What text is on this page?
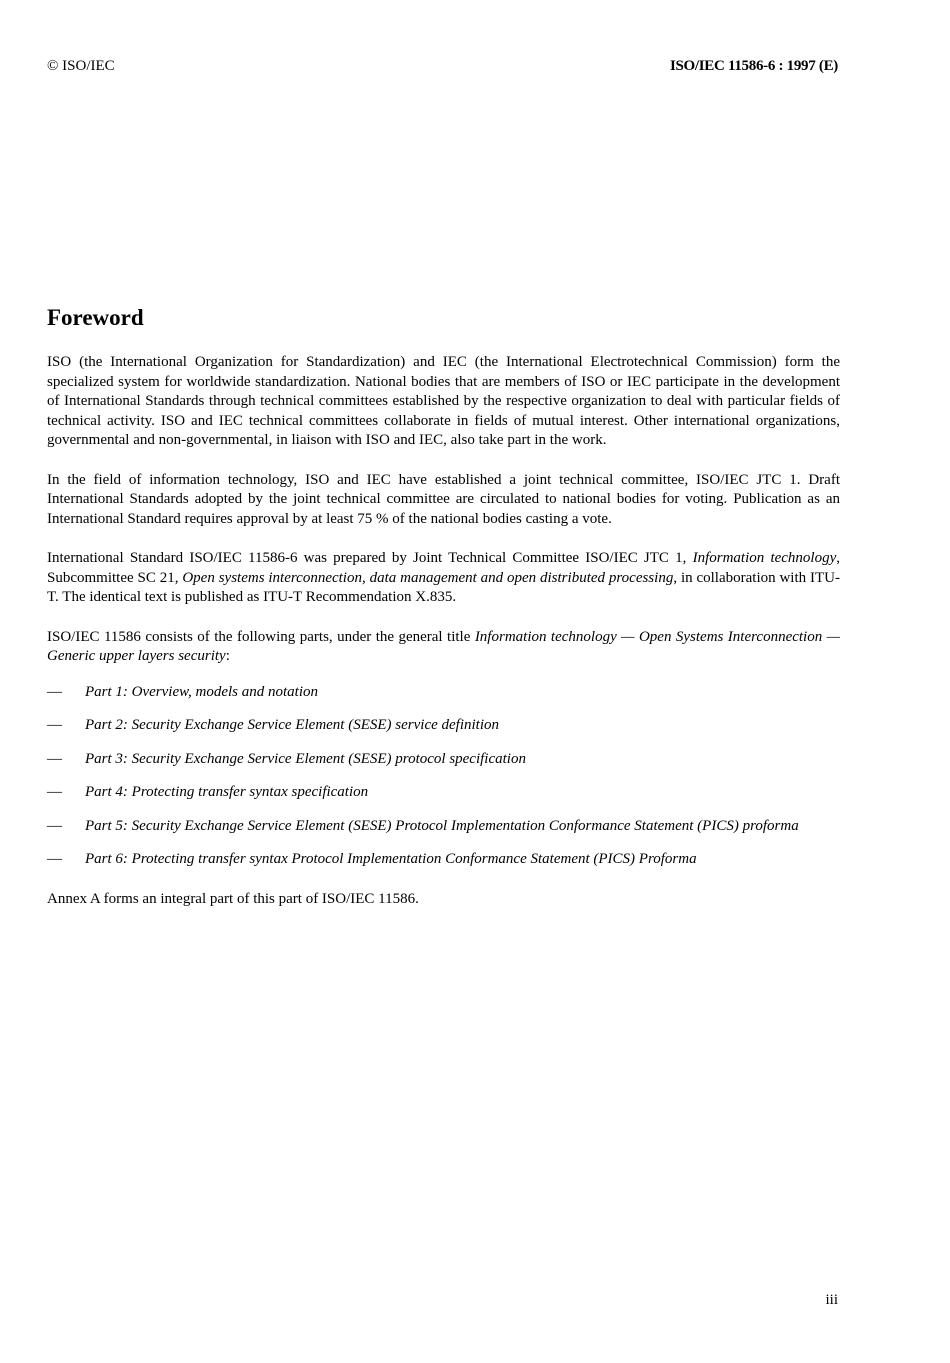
© ISO/IEC	ISO/IEC 11586-6 : 1997 (E)
Foreword

ISO (the International Organization for Standardization) and IEC (the International Electrotechnical Commission) form the specialized system for worldwide standardization. National bodies that are members of ISO or IEC participate in the development of International Standards through technical committees established by the respective organization to deal with particular fields of technical activity. ISO and IEC technical committees collaborate in fields of mutual interest. Other international organizations, governmental and non-governmental, in liaison with ISO and IEC, also take part in the work.

In the field of information technology, ISO and IEC have established a joint technical committee, ISO/IEC JTC 1. Draft International Standards adopted by the joint technical committee are circulated to national bodies for voting. Publication as an International Standard requires approval by at least 75 % of the national bodies casting a vote.

International Standard ISO/IEC 11586-6 was prepared by Joint Technical Committee ISO/IEC JTC 1, Information technology, Subcommittee SC 21, Open systems interconnection, data management and open distributed processing, in collaboration with ITU-T. The identical text is published as ITU-T Recommendation X.835.

ISO/IEC 11586 consists of the following parts, under the general title Information technology — Open Systems Interconnection — Generic upper layers security:

—	Part 1: Overview, models and notation
—	Part 2: Security Exchange Service Element (SESE) service definition
—	Part 3: Security Exchange Service Element (SESE) protocol specification
—	Part 4: Protecting transfer syntax specification
—	Part 5: Security Exchange Service Element (SESE) Protocol Implementation Conformance Statement (PICS) proforma
—	Part 6: Protecting transfer syntax Protocol Implementation Conformance Statement (PICS) Proforma

Annex A forms an integral part of this part of ISO/IEC 11586.

iii
